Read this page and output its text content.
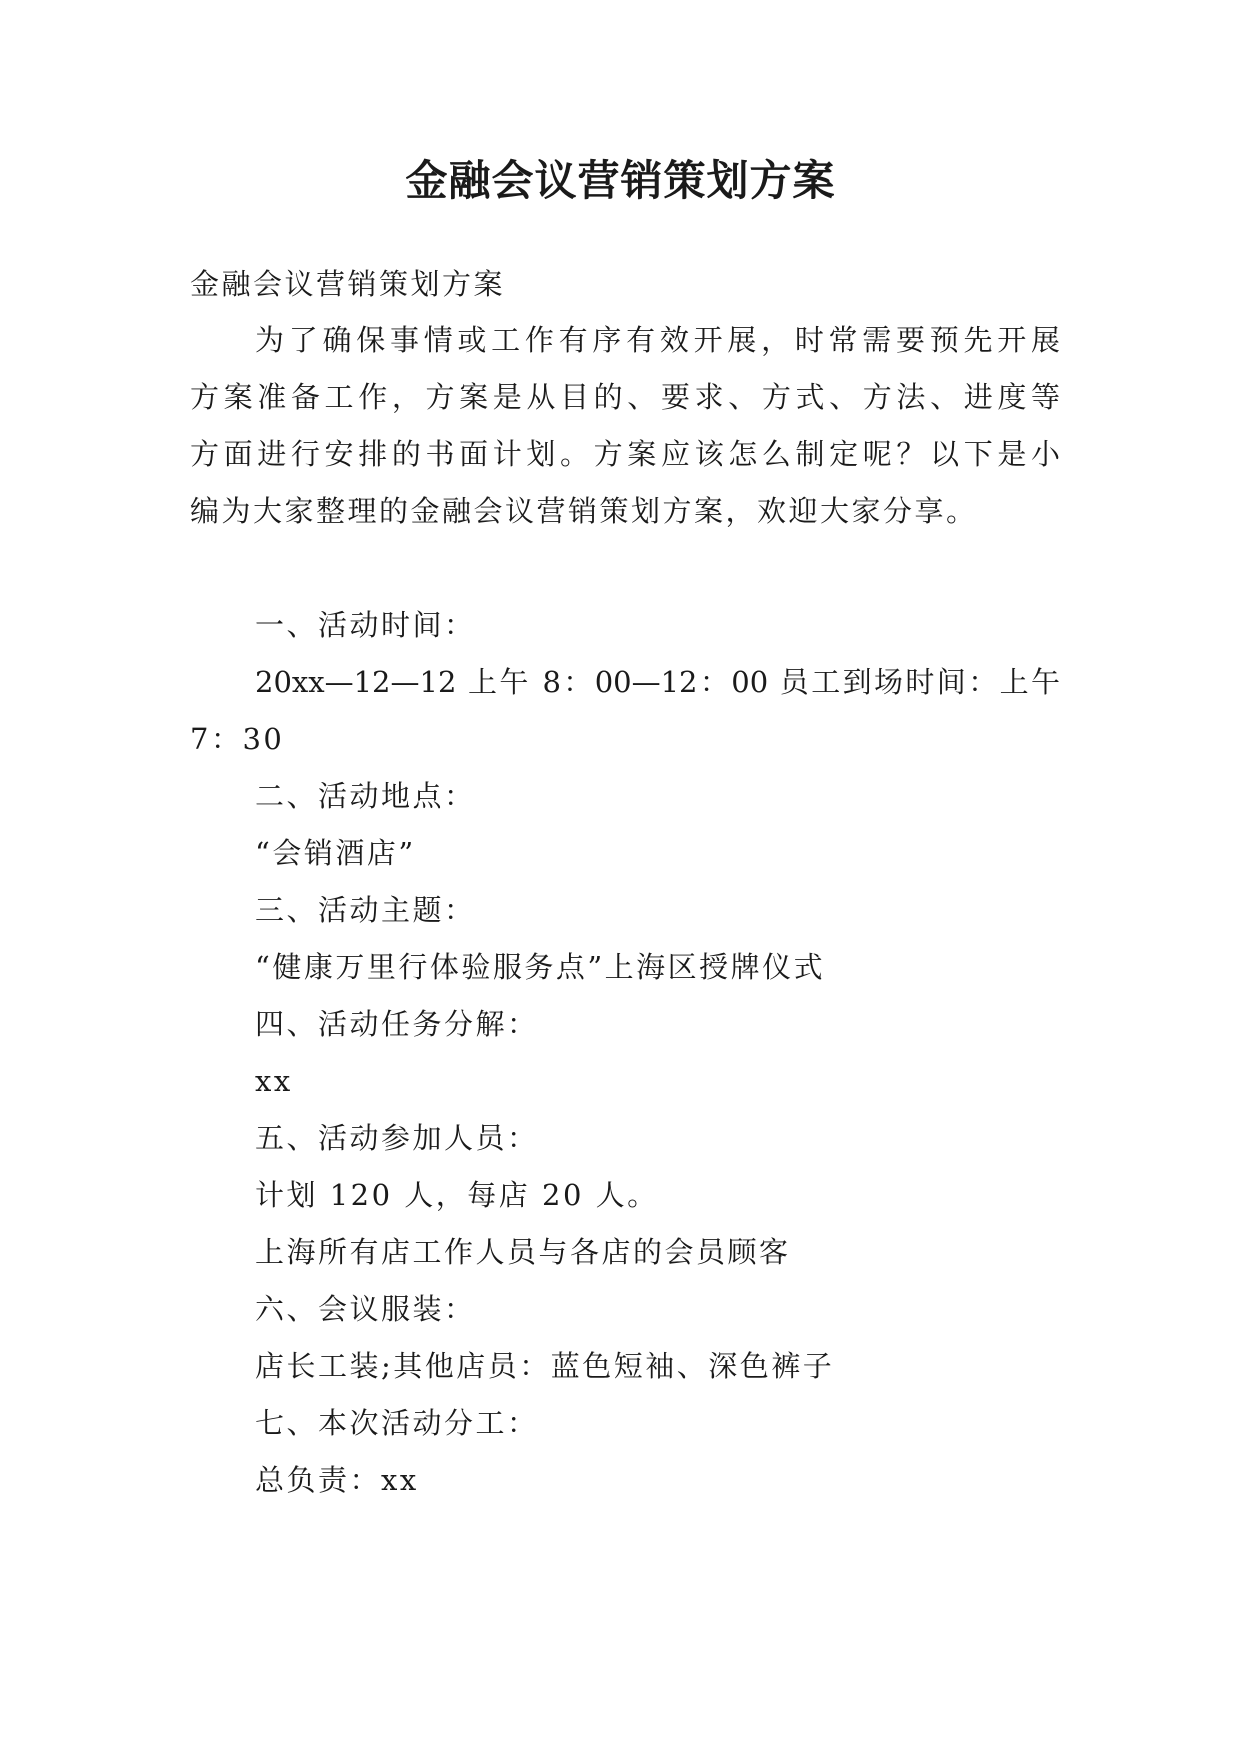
金融会议营销策划方案

金融会议营销策划方案

为了确保事情或工作有序有效开展，时常需要预先开展

方案准备工作，方案是从目的、要求、方式、方法、进度等

方面进行安排的书面计划。方案应该怎么制定呢？以下是小

编为大家整理的金融会议营销策划方案，欢迎大家分享。

一、活动时间：

20xx—12—12 上午 8：00—12：00 员工到场时间：上午

7：30

二、活动地点：

“会销酒店”

三、活动主题：

“健康万里行体验服务点”上海区授牌仪式

四、活动任务分解：

xx

五、活动参加人员：

计划 120 人，每店 20 人。

上海所有店工作人员与各店的会员顾客

六、会议服装：

店长工装;其他店员：蓝色短袖、深色裤子

七、本次活动分工：

总负责：xx
